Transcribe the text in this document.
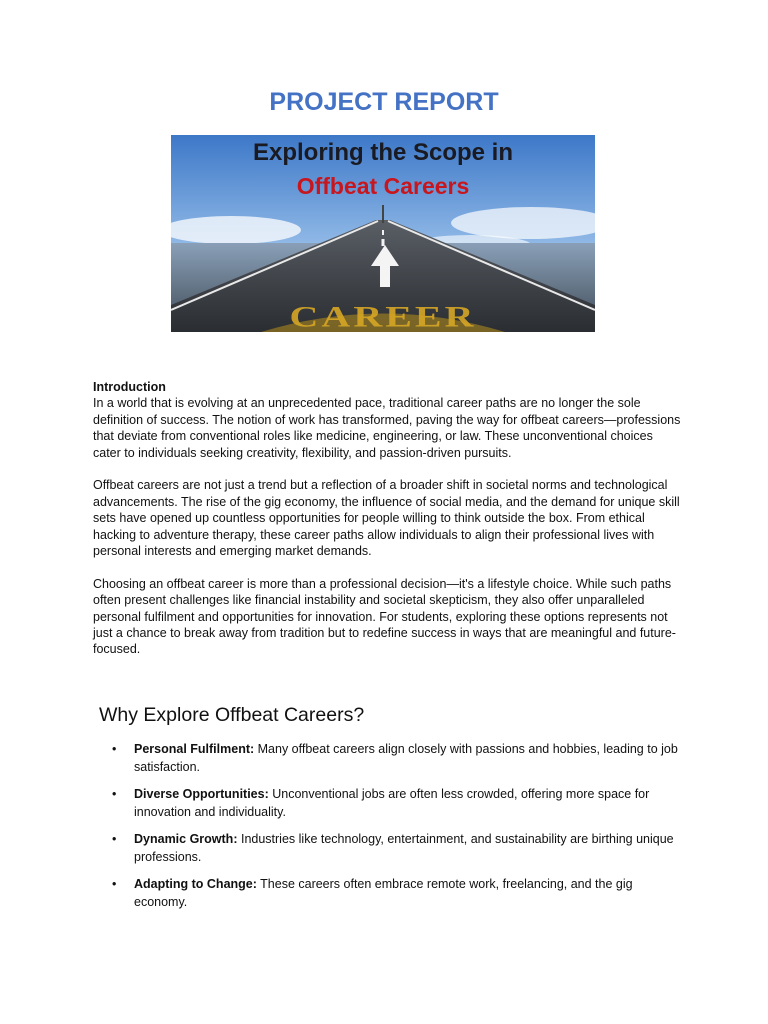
PROJECT REPORT
Exploring the Scope in
Offbeat Careers
CAREER

Introduction
In a world that is evolving at an unprecedented pace, traditional career paths are no longer the sole definition of success. The notion of work has transformed, paving the way for offbeat careers—professions that deviate from conventional roles like medicine, engineering, or law. These unconventional choices cater to individuals seeking creativity, flexibility, and passion-driven pursuits.

Offbeat careers are not just a trend but a reflection of a broader shift in societal norms and technological advancements. The rise of the gig economy, the influence of social media, and the demand for unique skill sets have opened up countless opportunities for people willing to think outside the box. From ethical hacking to adventure therapy, these career paths allow individuals to align their professional lives with personal interests and emerging market demands.

Choosing an offbeat career is more than a professional decision—it's a lifestyle choice. While such paths often present challenges like financial instability and societal skepticism, they also offer unparalleled personal fulfilment and opportunities for innovation. For students, exploring these options represents not just a chance to break away from tradition but to redefine success in ways that are meaningful and future-focused.

Why Explore Offbeat Careers?
• Personal Fulfilment: Many offbeat careers align closely with passions and hobbies, leading to job satisfaction.
• Diverse Opportunities: Unconventional jobs are often less crowded, offering more space for innovation and individuality.
• Dynamic Growth: Industries like technology, entertainment, and sustainability are birthing unique professions.
• Adapting to Change: These careers often embrace remote work, freelancing, and the gig economy.
